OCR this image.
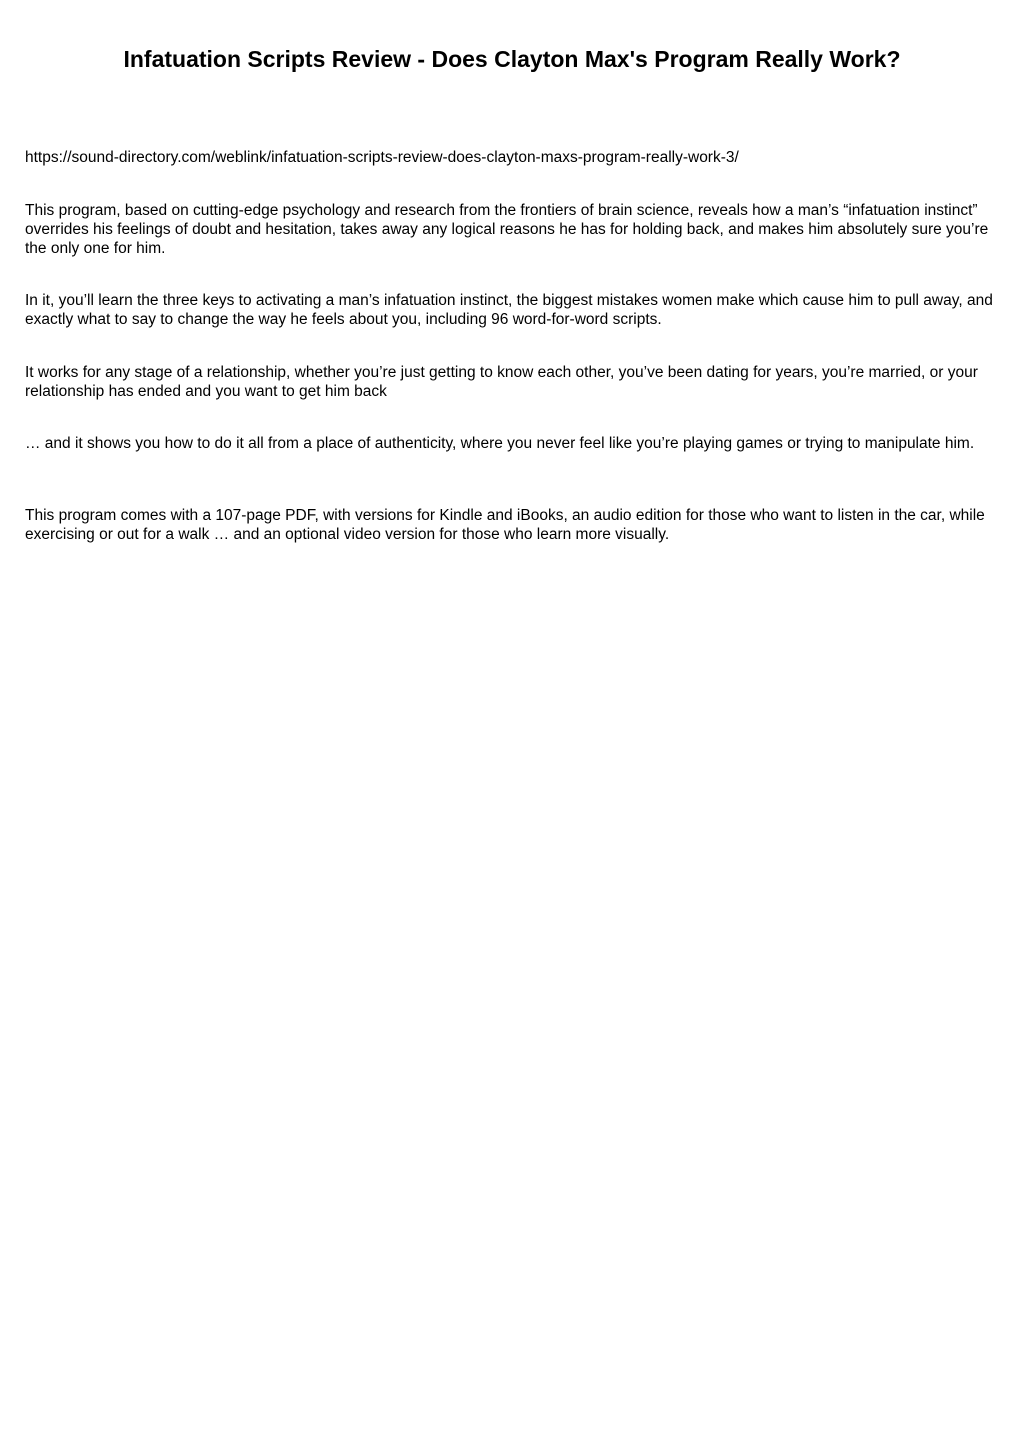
Infatuation Scripts Review - Does Clayton Max's Program Really Work?

https://sound-directory.com/weblink/infatuation-scripts-review-does-clayton-maxs-program-really-work-3/

This program, based on cutting-edge psychology and research from the frontiers of brain science, reveals how a man’s “infatuation instinct” overrides his feelings of doubt and hesitation, takes away any logical reasons he has for holding back, and makes him absolutely sure you’re the only one for him.

In it, you’ll learn the three keys to activating a man’s infatuation instinct, the biggest mistakes women make which cause him to pull away, and exactly what to say to change the way he feels about you, including 96 word-for-word scripts.

It works for any stage of a relationship, whether you’re just getting to know each other, you’ve been dating for years, you’re married, or your relationship has ended and you want to get him back

… and it shows you how to do it all from a place of authenticity, where you never feel like you’re playing games or trying to manipulate him.

This program comes with a 107-page PDF, with versions for Kindle and iBooks, an audio edition for those who want to listen in the car, while exercising or out for a walk … and an optional video version for those who learn more visually.
